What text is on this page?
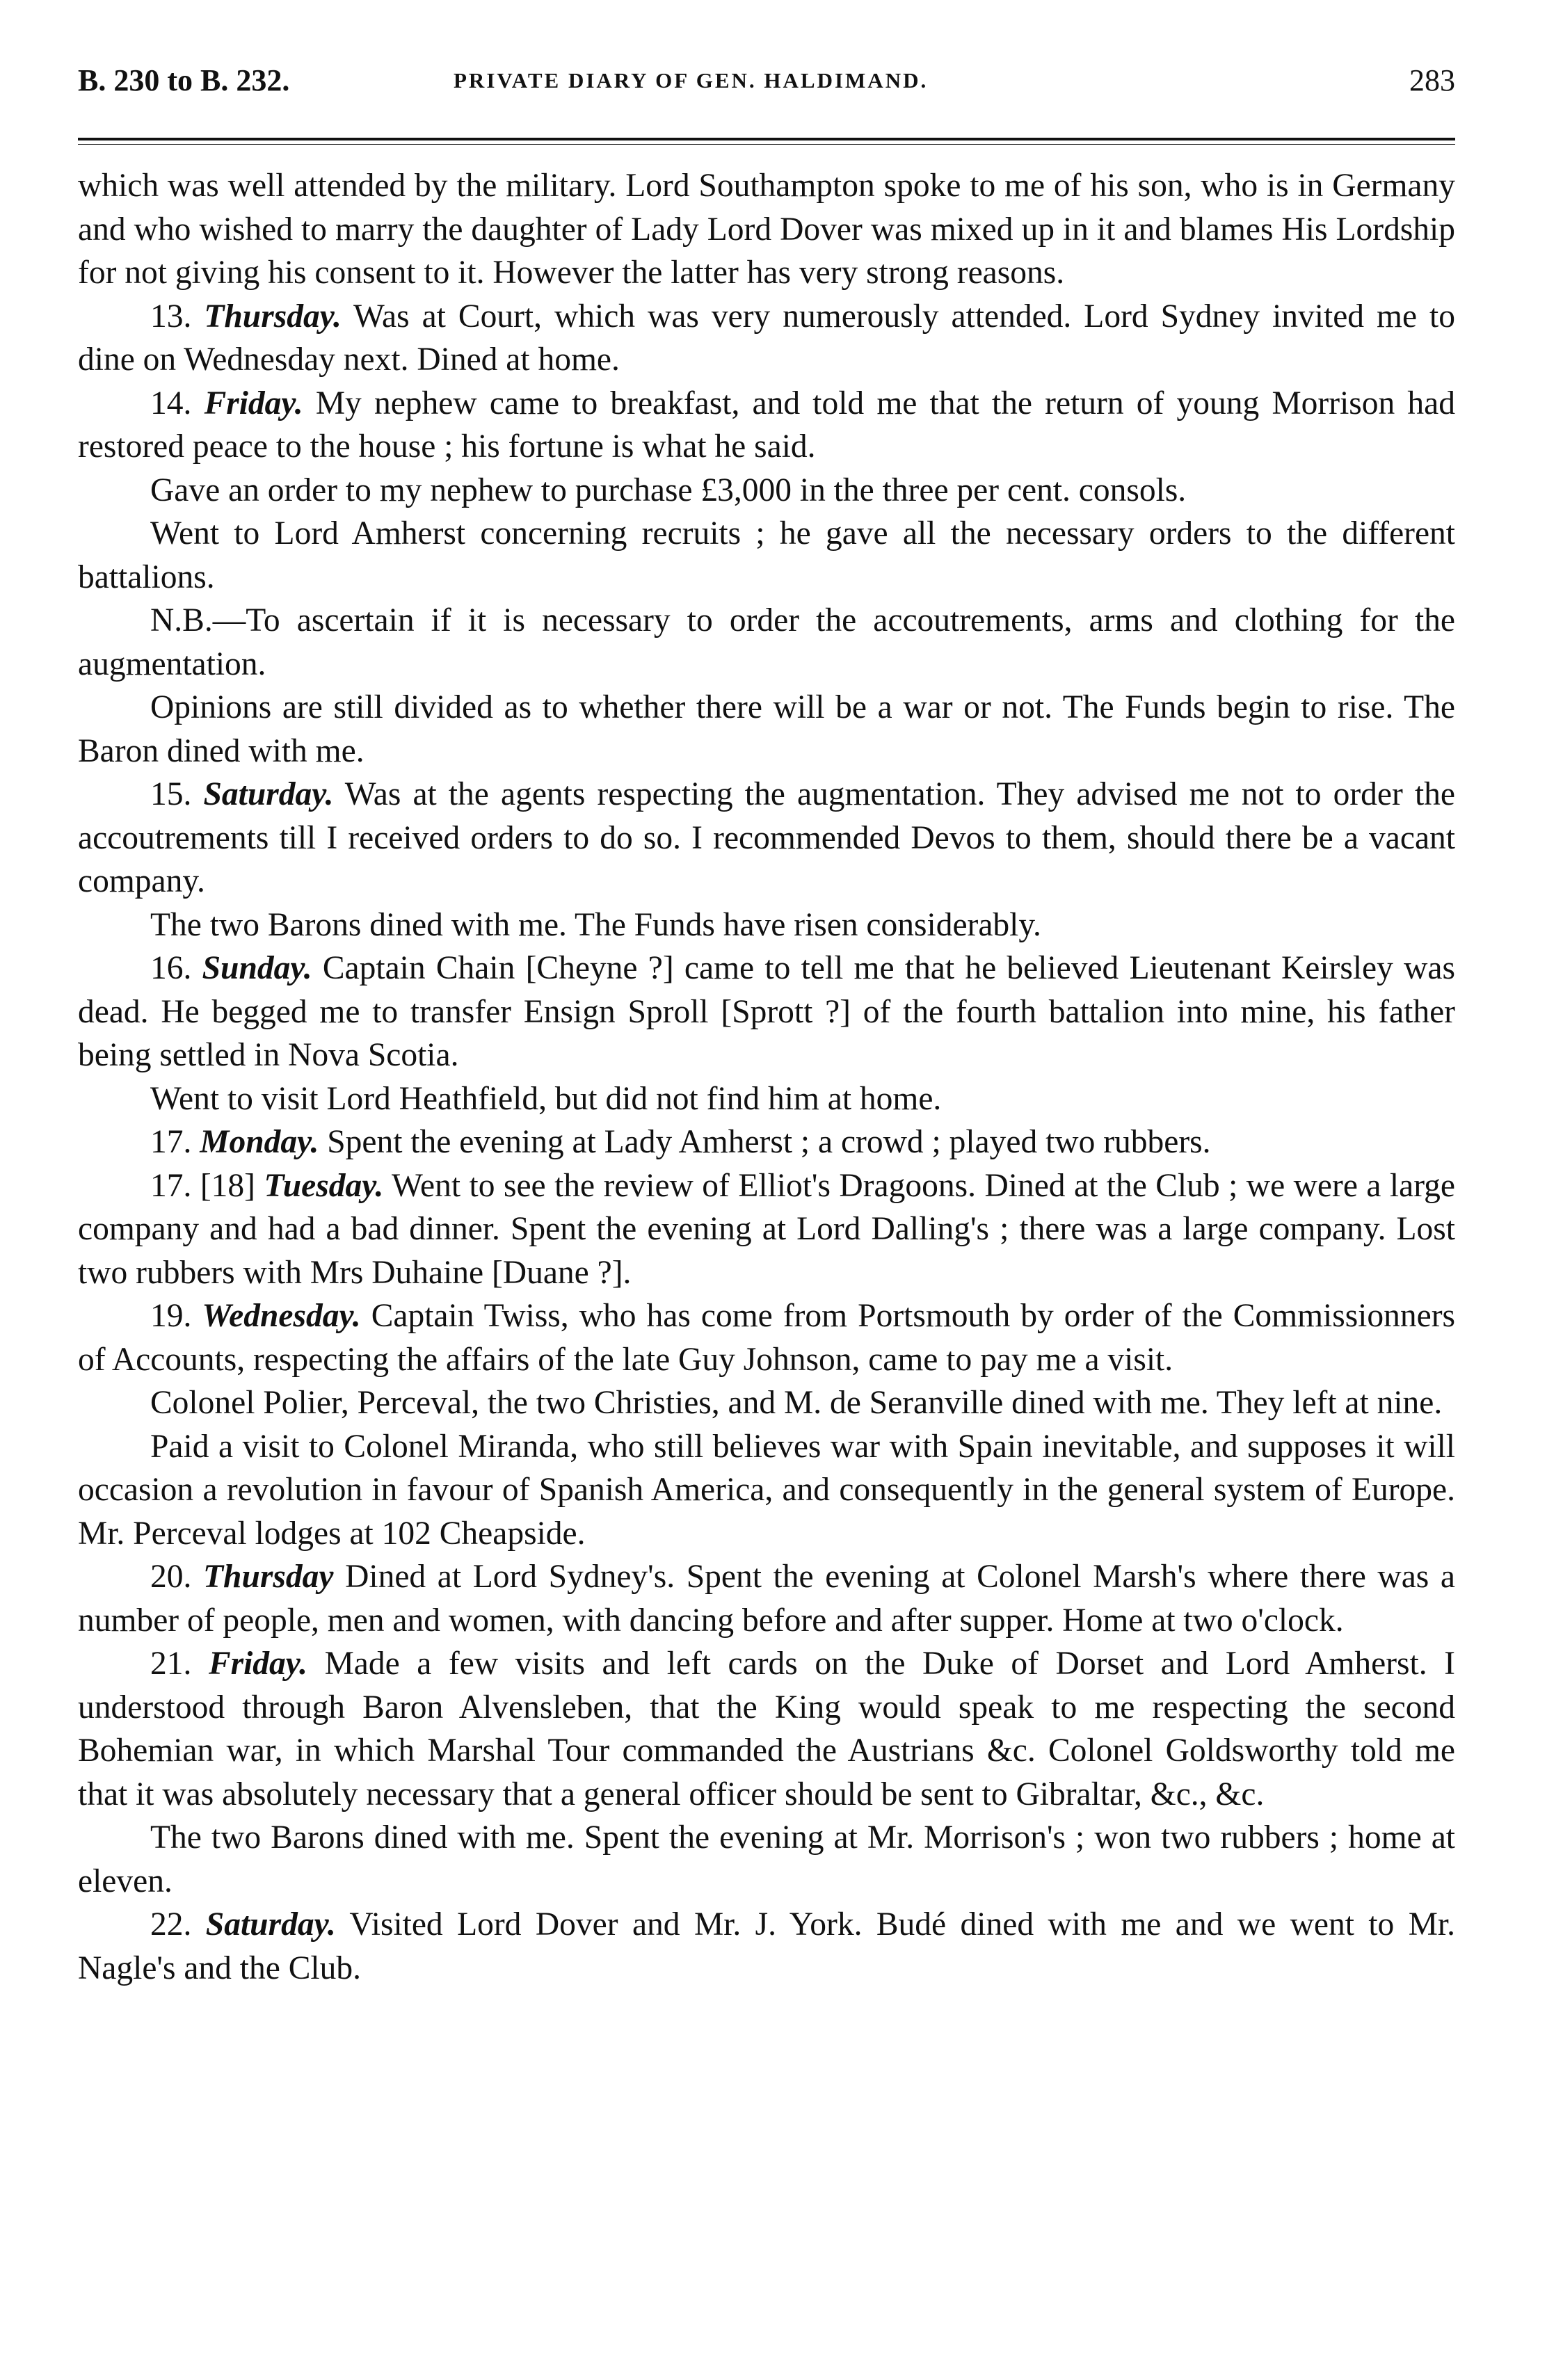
B. 230 to B. 232.	PRIVATE DIARY OF GEN. HALDIMAND.	283

which was well attended by the military. Lord Southampton spoke to me of his son, who is in Germany and who wished to marry the daughter of Lady Lord Dover was mixed up in it and blames His Lordship for not giving his consent to it. However the latter has very strong reasons.

13. Thursday. Was at Court, which was very numerously attended. Lord Sydney invited me to dine on Wednesday next. Dined at home.

14. Friday. My nephew came to breakfast, and told me that the return of young Morrison had restored peace to the house ; his fortune is what he said.

Gave an order to my nephew to purchase £3,000 in the three per cent. consols.

Went to Lord Amherst concerning recruits ; he gave all the necessary orders to the different battalions.

N.B.—To ascertain if it is necessary to order the accoutrements, arms and clothing for the augmentation.

Opinions are still divided as to whether there will be a war or not. The Funds begin to rise. The Baron dined with me.

15. Saturday. Was at the agents respecting the augmentation. They advised me not to order the accoutrements till I received orders to do so. I recommended Devos to them, should there be a vacant company.

The two Barons dined with me. The Funds have risen considerably.

16. Sunday. Captain Chain [Cheyne ?] came to tell me that he believed Lieutenant Keirsley was dead. He begged me to transfer Ensign Sproll [Sprott ?] of the fourth battalion into mine, his father being settled in Nova Scotia.

Went to visit Lord Heathfield, but did not find him at home.

17. Monday. Spent the evening at Lady Amherst ; a crowd ; played two rubbers.

17. [18] Tuesday. Went to see the review of Elliot's Dragoons. Dined at the Club ; we were a large company and had a bad dinner. Spent the evening at Lord Dalling's ; there was a large company. Lost two rubbers with Mrs Duhaine [Duane ?].

19. Wednesday. Captain Twiss, who has come from Portsmouth by order of the Commissionners of Accounts, respecting the affairs of the late Guy Johnson, came to pay me a visit.

Colonel Polier, Perceval, the two Christies, and M. de Seranville dined with me. They left at nine.

Paid a visit to Colonel Miranda, who still believes war with Spain inevitable, and supposes it will occasion a revolution in favour of Spanish America, and consequently in the general system of Europe. Mr. Perceval lodges at 102 Cheapside.

20. Thursday Dined at Lord Sydney's. Spent the evening at Colonel Marsh's where there was a number of people, men and women, with dancing before and after supper. Home at two o'clock.

21. Friday. Made a few visits and left cards on the Duke of Dorset and Lord Amherst. I understood through Baron Alvensleben, that the King would speak to me respecting the second Bohemian war, in which Marshal Tour commanded the Austrians &c. Colonel Goldsworthy told me that it was absolutely necessary that a general officer should be sent to Gibraltar, &c., &c.

The two Barons dined with me. Spent the evening at Mr. Morrison's ; won two rubbers ; home at eleven.

22. Saturday. Visited Lord Dover and Mr. J. York. Budé dined with me and we went to Mr. Nagle's and the Club.
